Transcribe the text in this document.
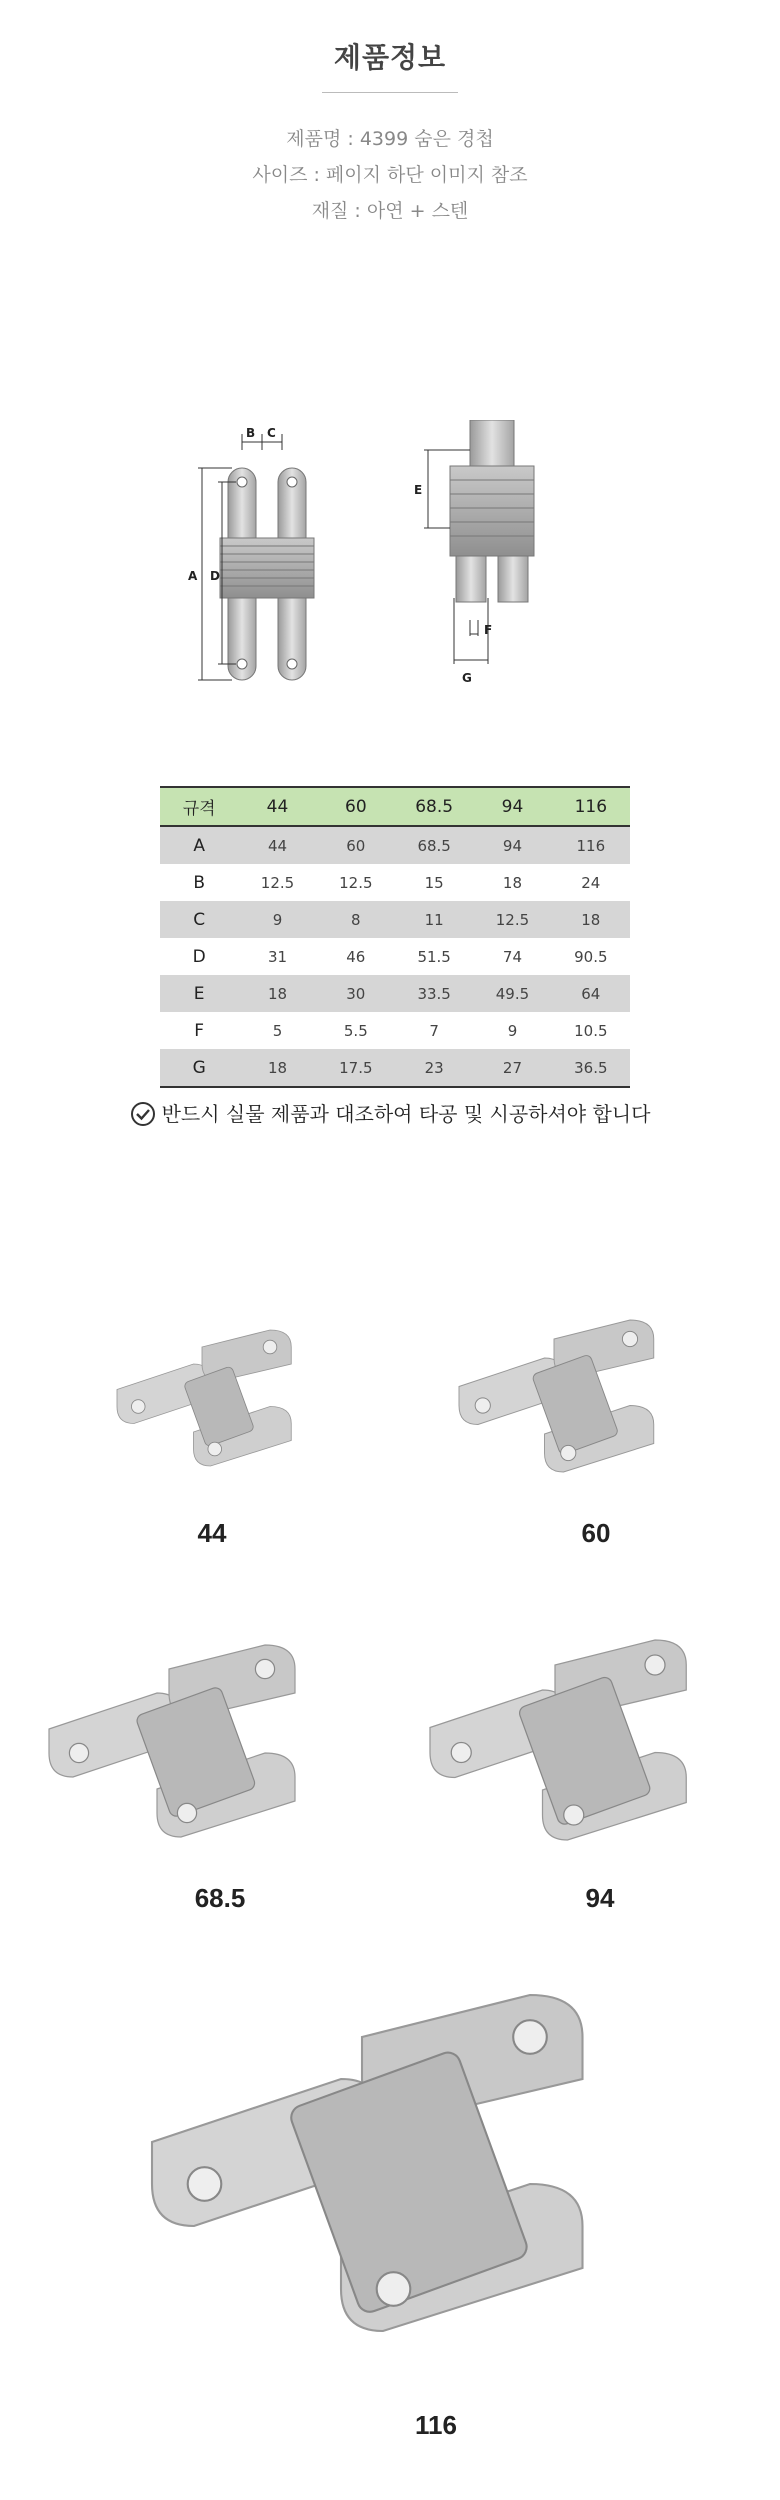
제품정보
제품명 : 4399 숨은 경첩
사이즈 : 페이지 하단 이미지 참조
재질 : 아연 + 스텐
A D
B C
E
F
G
규격	44	60	68.5	94	116
A	44	60	68.5	94	116
B	12.5	12.5	15	18	24
C	9	8	11	12.5	18
D	31	46	51.5	74	90.5
E	18	30	33.5	49.5	64
F	5	5.5	7	9	10.5
G	18	17.5	23	27	36.5
반드시 실물 제품과 대조하여 타공 및 시공하셔야 합니다
44	60
68.5	94
116
